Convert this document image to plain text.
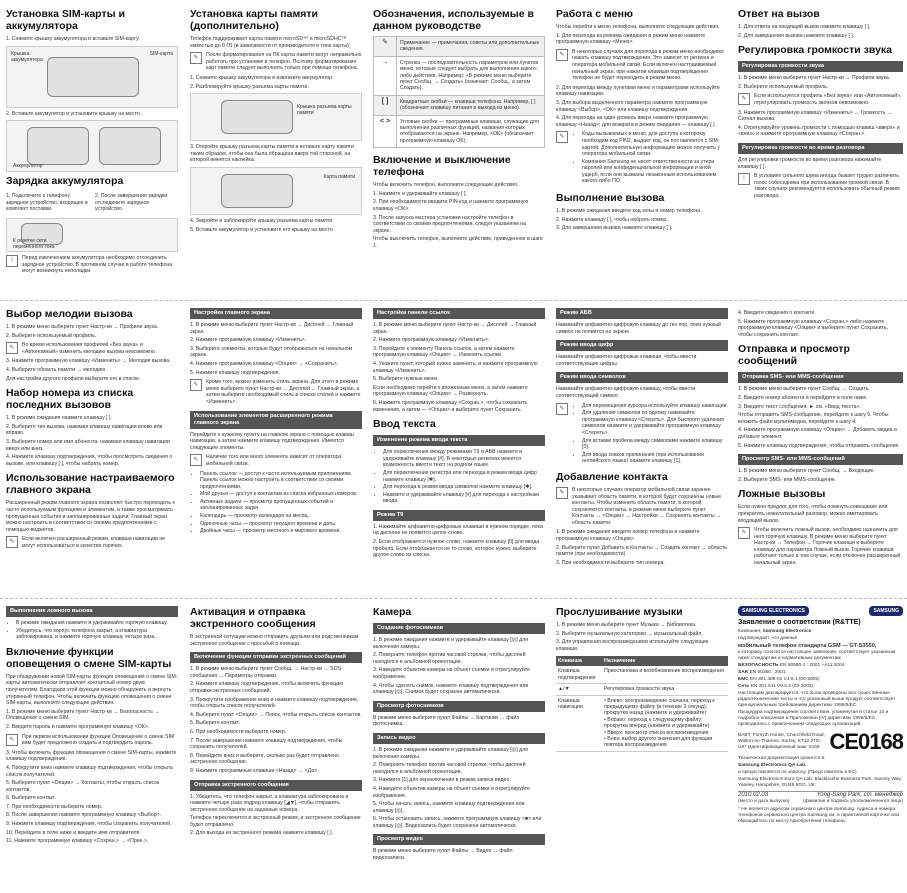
Установка SIM-карты и аккумулятора

1. Снимите крышку аккумулятора и вставьте SIM-карту.

Крышка аккумулятора
SIM-карта

2. Вставьте аккумулятор и установите крышку на место.

Аккумулятор
Зарядка аккумулятора

1. Подключите к телефону зарядное устройство, входящее в комплект поставки.

2. После завершения зарядки отсоедините зарядное устройство.

К розетке сети переменного тока
!	Перед извлечением аккумулятора необходимо отсоединить зарядное устройство. В противном случае в работе телефона могут возникнуть неполадки.
Установка карты памяти (дополнительно)

Телефон поддерживает карты памяти microSD™ и microSDHC™ емкостью до 8 ГБ (в зависимости от производителя и типа карты).

✎	После форматирования на ПК карты памяти могут неправильно работать при установке в телефон. Поэтому форматирование карт памяти следует выполнять только при помощи телефона.

1. Снимите крышку аккумулятора и извлеките аккумулятор.

2. Разблокируйте крышку разъема карты памяти.

Крышка разъема карты памяти

3. Откройте крышку разъема карты памяти и вставьте карту памяти таким образом, чтобы она была обращена вверх той стороной, на которой имеется наклейка.

Карта памяти

4. Закройте и заблокируйте крышку разъема карты памяти.

5. Вставьте аккумулятор и установите его крышку на место.

Обозначения, используемые в данном руководстве
✎	Примечание — примечания, советы или дополнительные сведения.
→	Стрелка — последовательность параметров или пунктов меню, которые следует выбрать для выполнения какого-либо действия. Например: «В режиме меню выберите пункт Сообщ. → Создать» (означает: Сообщ., а затем Создать).
[ ]	Квадратные скобки — клавиши телефона. Например, [ ] (обозначает клавишу питания и выхода из меню).
< >	Угловые скобки — программные клавиши, служащие для выполнения различных функций, названия которых отображаются на экране. Например, <ОК> (обозначает программную клавишу OK).
Включение и выключение телефона

Чтобы включить телефон, выполните следующие действия.

1. Нажмите и удерживайте клавишу [ ].

2. При необходимости введите PIN-код и нажмите программную клавишу <ОК>.

3. После запуска мастера установки настройте телефон в соответствии со своими предпочтениями, следуя указаниям на экране.

Чтобы выключить телефон, выполните действие, приведенное в шаге 1.

Работа с меню

Чтобы перейти к меню телефона, выполните следующие действия.

1. Для перехода из режима ожидания в режим меню нажмите программную клавишу <Меню>.

✎	В некоторых случаях для перехода в режим меню необходимо нажать клавишу подтверждения. Это зависит от региона и оператора мобильной связи. Если включен настраиваемый начальный экран, при нажатии клавиши подтверждения телефон не будет переходить в режим меню.

2. Для перехода между пунктами меню и параметрами используйте клавишу навигации.

3. Для выбора выделенного параметра нажмите программную клавишу <Выбор>, <ОК> или клавишу подтверждения.

4. Для перехода на один уровень вверх нажмите программную клавишу <Назад>; для возврата в режим ожидания — клавишу [ ].

✎	• Коды вызываемых в меню, для доступа к которому необходим код PIN2, выдает код, он поставляется с SIM-картой. Дополнительную информацию можно получить у оператора мобильной связи.
• Компания Samsung не несет ответственности за утери паролей или конфиденциальной информации и иной ущерб, если они вызваны незаконным использованием какого-либо ПО.
Выполнение вызова

1. В режиме ожидания введите код зоны и номер телефона.

2. Нажмите клавишу [ ], чтобы набрать номер.

3. Для завершения вызова нажмите клавишу [ ].

Ответ на вызов

1. Для ответа на входящий вызов нажмите клавишу [ ].

2. Для завершения вызова нажмите клавишу [ ].

Регулировка громкости звука
Регулировка громкости звука

1. В режиме меню выберите пункт Настр-ки → Профили звука.

2. Выберите используемый профиль.

✎	Если используется профиль «Без звука» или «Автономный», отрегулировать громкость звонков невозможно.

3. Нажмите программную клавишу <Изменить> → Громкость → Сигнал вызова.

4. Отрегулируйте уровень громкости с помощью клавиш «вверх» и «вниз» и нажмите программную клавишу <Сохран.>.

Регулировка громкости во время разговора

Для регулировки громкости во время разговора нажимайте клавишу [ ].

!	В условиях сильного шума иногда бывает трудно различить голос собеседника при использовании громкой связи. В таких случаях рекомендуется использовать обычный режим разговора.
Выбор мелодии вызова

1. В режиме меню выберите пункт Настр-ки → Профили звука.

2. Выберите используемый профиль.

✎	Во время использования профилей «Без звука» и «Автономный» изменить мелодию вызова невозможно.

3. Нажмите программную клавишу <Изменить> → Мелодия вызова.

4. Выберите область памяти → мелодию.

Для настройки другого профиля выберите его в списке.

Набор номера из списка последних вызовов

1. В режиме ожидания нажмите клавишу [ ].

2. Выберите тип вызова, нажимая клавишу навигации влево или вправо.

3. Выберите номер или имя абонента, нажимая клавишу навигации вверх или вниз.

4. Нажмите клавишу подтверждения, чтобы просмотреть сведения о вызове, или клавишу [ ], чтобы набрать номер.

Использование настраиваемого главного экрана

Расширенный режим главного экрана позволяет быстро переходить к часто используемым функциям и элементам, а также просматривать пропущенные события и запланированные задачи. Главный экран можно настроить в соответствии со своими предпочтениями с помощью виджетов.

✎	Если включен расширенный режим, клавиши навигации не могут использоваться в качестве горячих.
Настройка главного экрана

1. В режиме меню выберите пункт Настр-ки → Дисплей → Главный экран.

2. Нажмите программную клавишу <Изменить>.

3. Выберите элементы, которые будут отображаться на начальном экране.

4. Нажмите программную клавишу <Опции> → <Сохранить>.

5. Нажмите клавишу подтверждения.

✎	Кроме того, можно изменить стиль экрана. Для этого в режиме меню выберите пункт Настр-ки → Дисплей → Главный экран, а затем выберите необходимый стиль в списке стилей и нажмите <Изменить>.
Использование элементов расширенного режима главного экрана

Перейдите к нужному пункту на главном экране с помощью клавиш навигации, а затем нажмите клавишу подтверждения. Имеются следующие элементы.

✎	Наличие того или иного элемента зависит от оператора мобильной связи.
• Панель ссылок — доступ к часто используемым приложениям. Панель ссылок можно настроить в соответствии со своими предпочтениями.
• Мой друзья — доступ к контактам из списка избранных номеров.
• Активные задачи — просмотр пропущенных событий и запланированных задач.
• Календарь — просмотр календаря на месяц.
• Одиночные часы — просмотр текущего времени и даты.
• Двойные часы — просмотр местного и мирового времени.
Настройка панели ссылок

1. В режиме меню выберите пункт Настр-ки → Дисплей → Главный экран.

2. Нажмите программную клавишу <Изменить>.

3. Перейдите к элементу Панель ссылок, а затем нажмите программную клавишу <Опции> → Изменить ссылки.

4. Укажите пункт, который нужно заменить, и нажмите программную клавишу <Изменить>.

5. Выберите нужные меню.

Если необходимо перейти к вложенным меню, а затем нажмите программную клавишу <Опции> → Развернуть.

6. Нажмите программную клавишу <Сохран.>, чтобы сохранить изменения, а затем — <Опции> и выберите пункт Сохранить.

Ввод текста
Изменение режима ввода текста
• Для переключения между режимами T9 и АБВ нажмите и удерживайте клавишу [#]. В некоторых регионах имеется возможность ввести текст на родном языке.
• Для переключения регистра или перехода в режим ввода цифр нажмите клавишу [✱].
• Для перехода в режим ввода символов нажмите клавишу [✱].
• Нажмите и удерживайте клавишу [#] для перехода к настройкам ввода.
Режим T9

1. Нажимайте алфавитно-цифровые клавиши в нужном порядке, пока на дисплее не появится целое слово.

2. Если отображается нужное слово, нажмите клавишу [0] для ввода пробела. Если отображается не то слово, которое нужно, выберите другое слово из списка.

Режим АБВ

Нажимайте алфавитно-цифровую клавишу до тех пор, пока нужный символ не появится на экране.

Режим ввода цифр

Нажимайте алфавитно-цифровые клавиши, чтобы ввести соответствующие цифры.

Режим ввода символов

Нажимайте алфавитно-цифровую клавишу, чтобы ввести соответствующий символ.

✎	• Для перемещения курсора используйте клавишу навигации.
• Для удаления символов по одному нажимайте программную клавишу <Стереть>. Для быстрого удаления символов нажмите и удерживайте программную клавишу <Стереть>.
• Для вставки пробела между символами нажмите клавишу [0].
• Для ввода знаков препинания (при использовании английского языка) нажмите клавишу [1].
Добавление контакта
✎	В некоторых случаях оператор мобильной связи заранее указывает область памяти, в которой будут сохранены новые контакты. Чтобы изменить область памяти, в которой сохраняются контакты, в режиме меню выберите пункт Контакты → <Опции> → Настройки → Сохранять контакты → область памяти.

1. В режиме ожидания введите номер телефона и нажмите программную клавишу <Опции>.

2. Выберите пункт Добавить в Контакты → Создать контакт → область памяти (при необходимости).

3. При необходимости выберите тип номера.

4. Введите сведения о контакте.

5. Нажмите программную клавишу <Сохран.> либо нажмите программную клавишу <Опции> и выберите пункт Сохранить, чтобы сохранить контакт.

Отправка и просмотр сообщений
Отправка SMS- или MMS-сообщения

1. В режиме меню выберите пункт Сообщ. → Создать.

2. Введите номер абонента и перейдите в поле ниже.

3. Введите текст сообщения. ► см. «Ввод текста».

Чтобы отправить SMS-сообщение, перейдите к шагу 5. Чтобы вложить файл мультимедиа, перейдите к шагу 4.

4. Нажмите программную клавишу <Опции> → Добавить медиа и добавьте элемент.

5. Нажмите клавишу подтверждения, чтобы отправить сообщение.

Просмотр SMS- или MMS-сообщений

1. В режиме меню выберите пункт Сообщ. → Входящие.

2. Выберите SMS- или MMS-сообщение.

Ложные вызовы

Если нужно предлог для того, чтобы покинуть совещание или прекратить нежелательный разговор, можно имитировать входящий вызов.

✎	Чтобы включить ложный вызов, необходимо назначить для него горячую клавишу. В режиме меню выберите пункт Настр-ки → Телефон → Горячие клавиши и выберите клавишу для параметра Ложный вызов. Горячие клавиши работают только в том случае, если отключен расширенный начальный экран.
Выполнение ложного вызова
• В режиме ожидания нажмите и удерживайте горячую клавишу.
• Убедитесь, что корпус телефона закрыт, а клавиатура заблокирована, и нажмите горячую клавишу четыре раза.
Включение функции оповещения о смене SIM-карты

При обнаружении новой SIM-карты функция оповещения о смене SIM-карты автоматически отправляет контактный номер двум получателям. Благодаря этой функции можно обнаружить и вернуть утерянный телефон. Чтобы включить функцию оповещения о смене SIM-карты, выполните следующие действия.

1. В режиме меню выберите пункт Настр-ки → Безопасность → Оповещение о смене SIM.

2. Введите пароль и нажмите программную клавишу <ОК>.

✎	При первом использовании функции Оповещение о смене SIM вам будет предложено создать и подтвердить пароль.

3. Чтобы включить функцию оповещения о смене SIM-карты, нажмите клавишу подтверждения.

4. Прокрутите вниз нажмите клавишу подтверждения, чтобы открыть список получателей.

5. Выберите пункт <Опции> → Контакты, чтобы открыть список контактов.

6. Выберите контакт.

7. При необходимости выберите номер.

8. После завершения нажмите программную клавишу <Выбор>.

9. Нажмите клавишу подтверждения, чтобы сохранить получателей.

10. Перейдите в поле ниже и введите имя отправителя.

11. Нажмите программную клавишу <Сохран.> → <Прин.>.

Активация и отправка экстренного сообщения

В экстренной ситуации можно отправить друзьям или родственникам экстренное сообщение с просьбой о помощи.

Включение функции отправки экстренных сообщений

1. В режиме меню выберите пункт Сообщ. → Настр-ки → SOS сообщения → Параметры отправки.

2. Нажмите клавишу подтверждения, чтобы включить функцию отправки экстренных сообщений.

3. Прокрутите изображение вниз и нажмите клавишу подтверждения, чтобы открыть список получателей.

4. Выберите пункт <Опции> → Поиск, чтобы открыть список контактов.

5. Выберите контакт.

6. При необходимости выберите номер.

7. После завершения нажмите клавишу подтверждения, чтобы сохранить получателей.

8. Перейдите вниз и выберите, сколько раз будет отправлено экстренное сообщение.

9. Нажмите программные клавиши <Назад> → <Да>.

Отправка экстренного сообщения

1. Убедитесь, что телефон закрыт, а клавиатура заблокирована и нажмите четыре раза подряд клавишу [◢▼], чтобы отправить экстренное сообщение на заданные номера.

Телефон переключится в экстренный режим, и экстренное сообщение будет отправлено.

2. Для выхода из экстренного режима нажмите клавишу [ ].

Камера
Создание фотоснимков

1. В режиме ожидания нажмите и удерживайте клавишу [◎] для включения камеры.

2. Поверните телефон против часовой стрелки, чтобы дисплей находился в альбомной ориентации.

3. Наведите объектив камеры на объект съемки и отрегулируйте изображение.

4. Чтобы сделать снимок, нажмите клавишу подтверждения или клавишу [◎]. Снимок будет сохранен автоматически.

Просмотр фотоснимков

В режиме меню выберите пункт Файлы → Картинки → файл фотоснимка.

Запись видео

1. В режиме ожидания нажмите и удерживайте клавишу [◎] для включения камеры.

2. Поверните телефон против часовой стрелки, чтобы дисплей находился в альбомной ориентации.

3. Нажмите [1] для переключения в режим записи видео.

4. Наведите объектив камеры на объект съемки и отрегулируйте изображение.

5. Чтобы начать запись, нажмите клавишу подтверждения или клавишу [◎].

6. Чтобы остановить запись, нажмите программную клавишу <■> или клавишу [◎]. Видеозапись будет сохранена автоматически.

Просмотр видео

В режиме меню выберите пункт Файлы → Видео → файл видеозаписи.

Прослушивание музыки

1. В режиме меню выберите пункт Музыка → Библиотека.

2. Выберите музыкальную категорию → музыкальный файл.

3. Для управления воспроизведением используйте следующие клавиши.

Клавиша	Назначение
Клавиша подтверждения	Приостановка и возобновление воспроизведения
▲/▼	Регулировка громкости звука
Клавиша навигации	• Влево: воспроизведение сначала; переход к предыдущему файлу (в течение 3 секунд); прокрутка назад (нажмите и удерживайте)
• Вправо: переход к следующему файлу; прокрутка вперед (нажмите и удерживайте)
• Вверх: просмотр списка воспроизведения
• Вниз: выбор другого значения для функции повтора воспроизведения
SAMSUNG ELECTRONICS	SAMSUNG
Заявление о соответствии (R&TTE)

Компания, Samsung Electronics

подтверждает, что данный

мобильный телефон стандарта GSM — GT-S3550,

к которому относится настоящее заявление, соответствует указанным ниже стандартам и нормативным документам.

БЕЗОПАСНОСТЬ EN 60950-1 : 2001 +A11:2004

SAR EN 50360 : 2001

EMC EN 301 489-01 V1.6.1 (09-2005)

Сеть EN 301 511 V9.0.2 (03-2003)

Настоящим декларируется, что были проведены все существенные радиотехнические тесты и что указанный выше продукт соответствует принципиальным требованиям директивы 1999/5/EC.

Процедура подтверждения соответствия, упомянутая в статье 10 и подробно описанная в Приложении [IV] директивы 1999/5/EC, проводилась с привлечением следующих организаций:

BABT, Forsyth House, Churchfield Road, Walton-on-Thames, Surrey, KT12 2TD, UK* Идентификационный знак: 0168 CE0168

Техническая документация хранится в:

Samsung Electronics QA Lab.

и предоставляется по запросу. (Представитель в ЕС)

Samsung Electronics Euro QA Lab. Blackbushe Business Park, Saxony Way, Yateley, Hampshire, GU46 6GG, UK

2010.02.03	Yong-Sang Park, ст. менеджер

(место и дата выпуска)	(фамилия и подпись уполномоченного лица)

* Не является адресом сервисного центра Samsung. Адреса и номера телефонов сервисного центра Samsung см. в гарантийной карточке или обращайтесь по месту приобретения телефона.
